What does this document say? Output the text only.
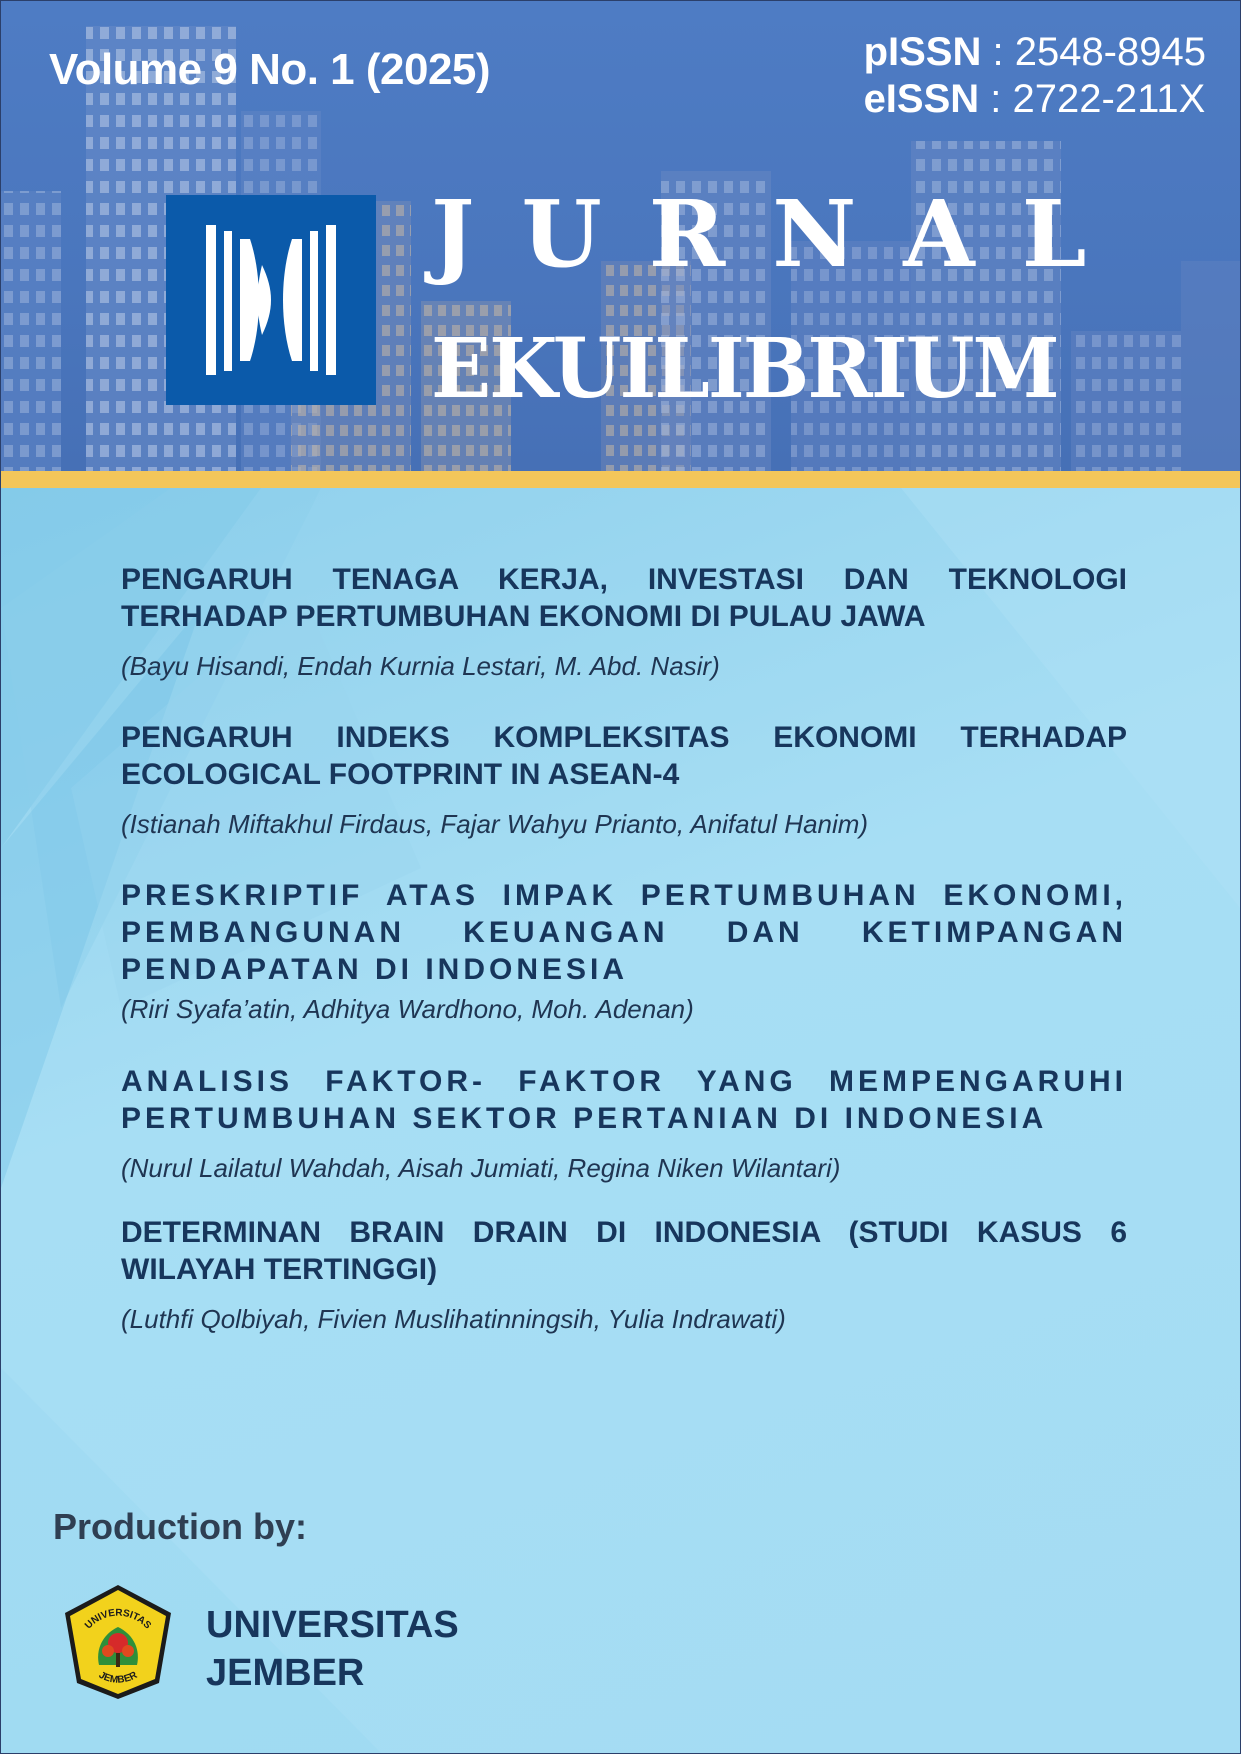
Volume 9 No. 1 (2025)	pISSN : 2548-8945
eISSN : 2722-211X
JURNAL
EKUILIBRIUM
PENGARUH TENAGA KERJA, INVESTASI DAN TEKNOLOGI TERHADAP PERTUMBUHAN EKONOMI DI PULAU JAWA
(Bayu Hisandi, Endah Kurnia Lestari, M. Abd. Nasir)
PENGARUH INDEKS KOMPLEKSITAS EKONOMI TERHADAP ECOLOGICAL FOOTPRINT IN ASEAN-4
(Istianah Miftakhul Firdaus, Fajar Wahyu Prianto, Anifatul Hanim)
PRESKRIPTIF ATAS IMPAK PERTUMBUHAN EKONOMI, PEMBANGUNAN KEUANGAN DAN KETIMPANGAN PENDAPATAN DI INDONESIA
(Riri Syafa’atin, Adhitya Wardhono, Moh. Adenan)
ANALISIS FAKTOR- FAKTOR YANG MEMPENGARUHI PERTUMBUHAN SEKTOR PERTANIAN DI INDONESIA
(Nurul Lailatul Wahdah, Aisah Jumiati, Regina Niken Wilantari)
DETERMINAN BRAIN DRAIN DI INDONESIA (STUDI KASUS 6 WILAYAH TERTINGGI)
(Luthfi Qolbiyah, Fivien Muslihatinningsih, Yulia Indrawati)
Production by:
UNIVERSITAS
JEMBER
UNIVERSITAS
JEMBER
